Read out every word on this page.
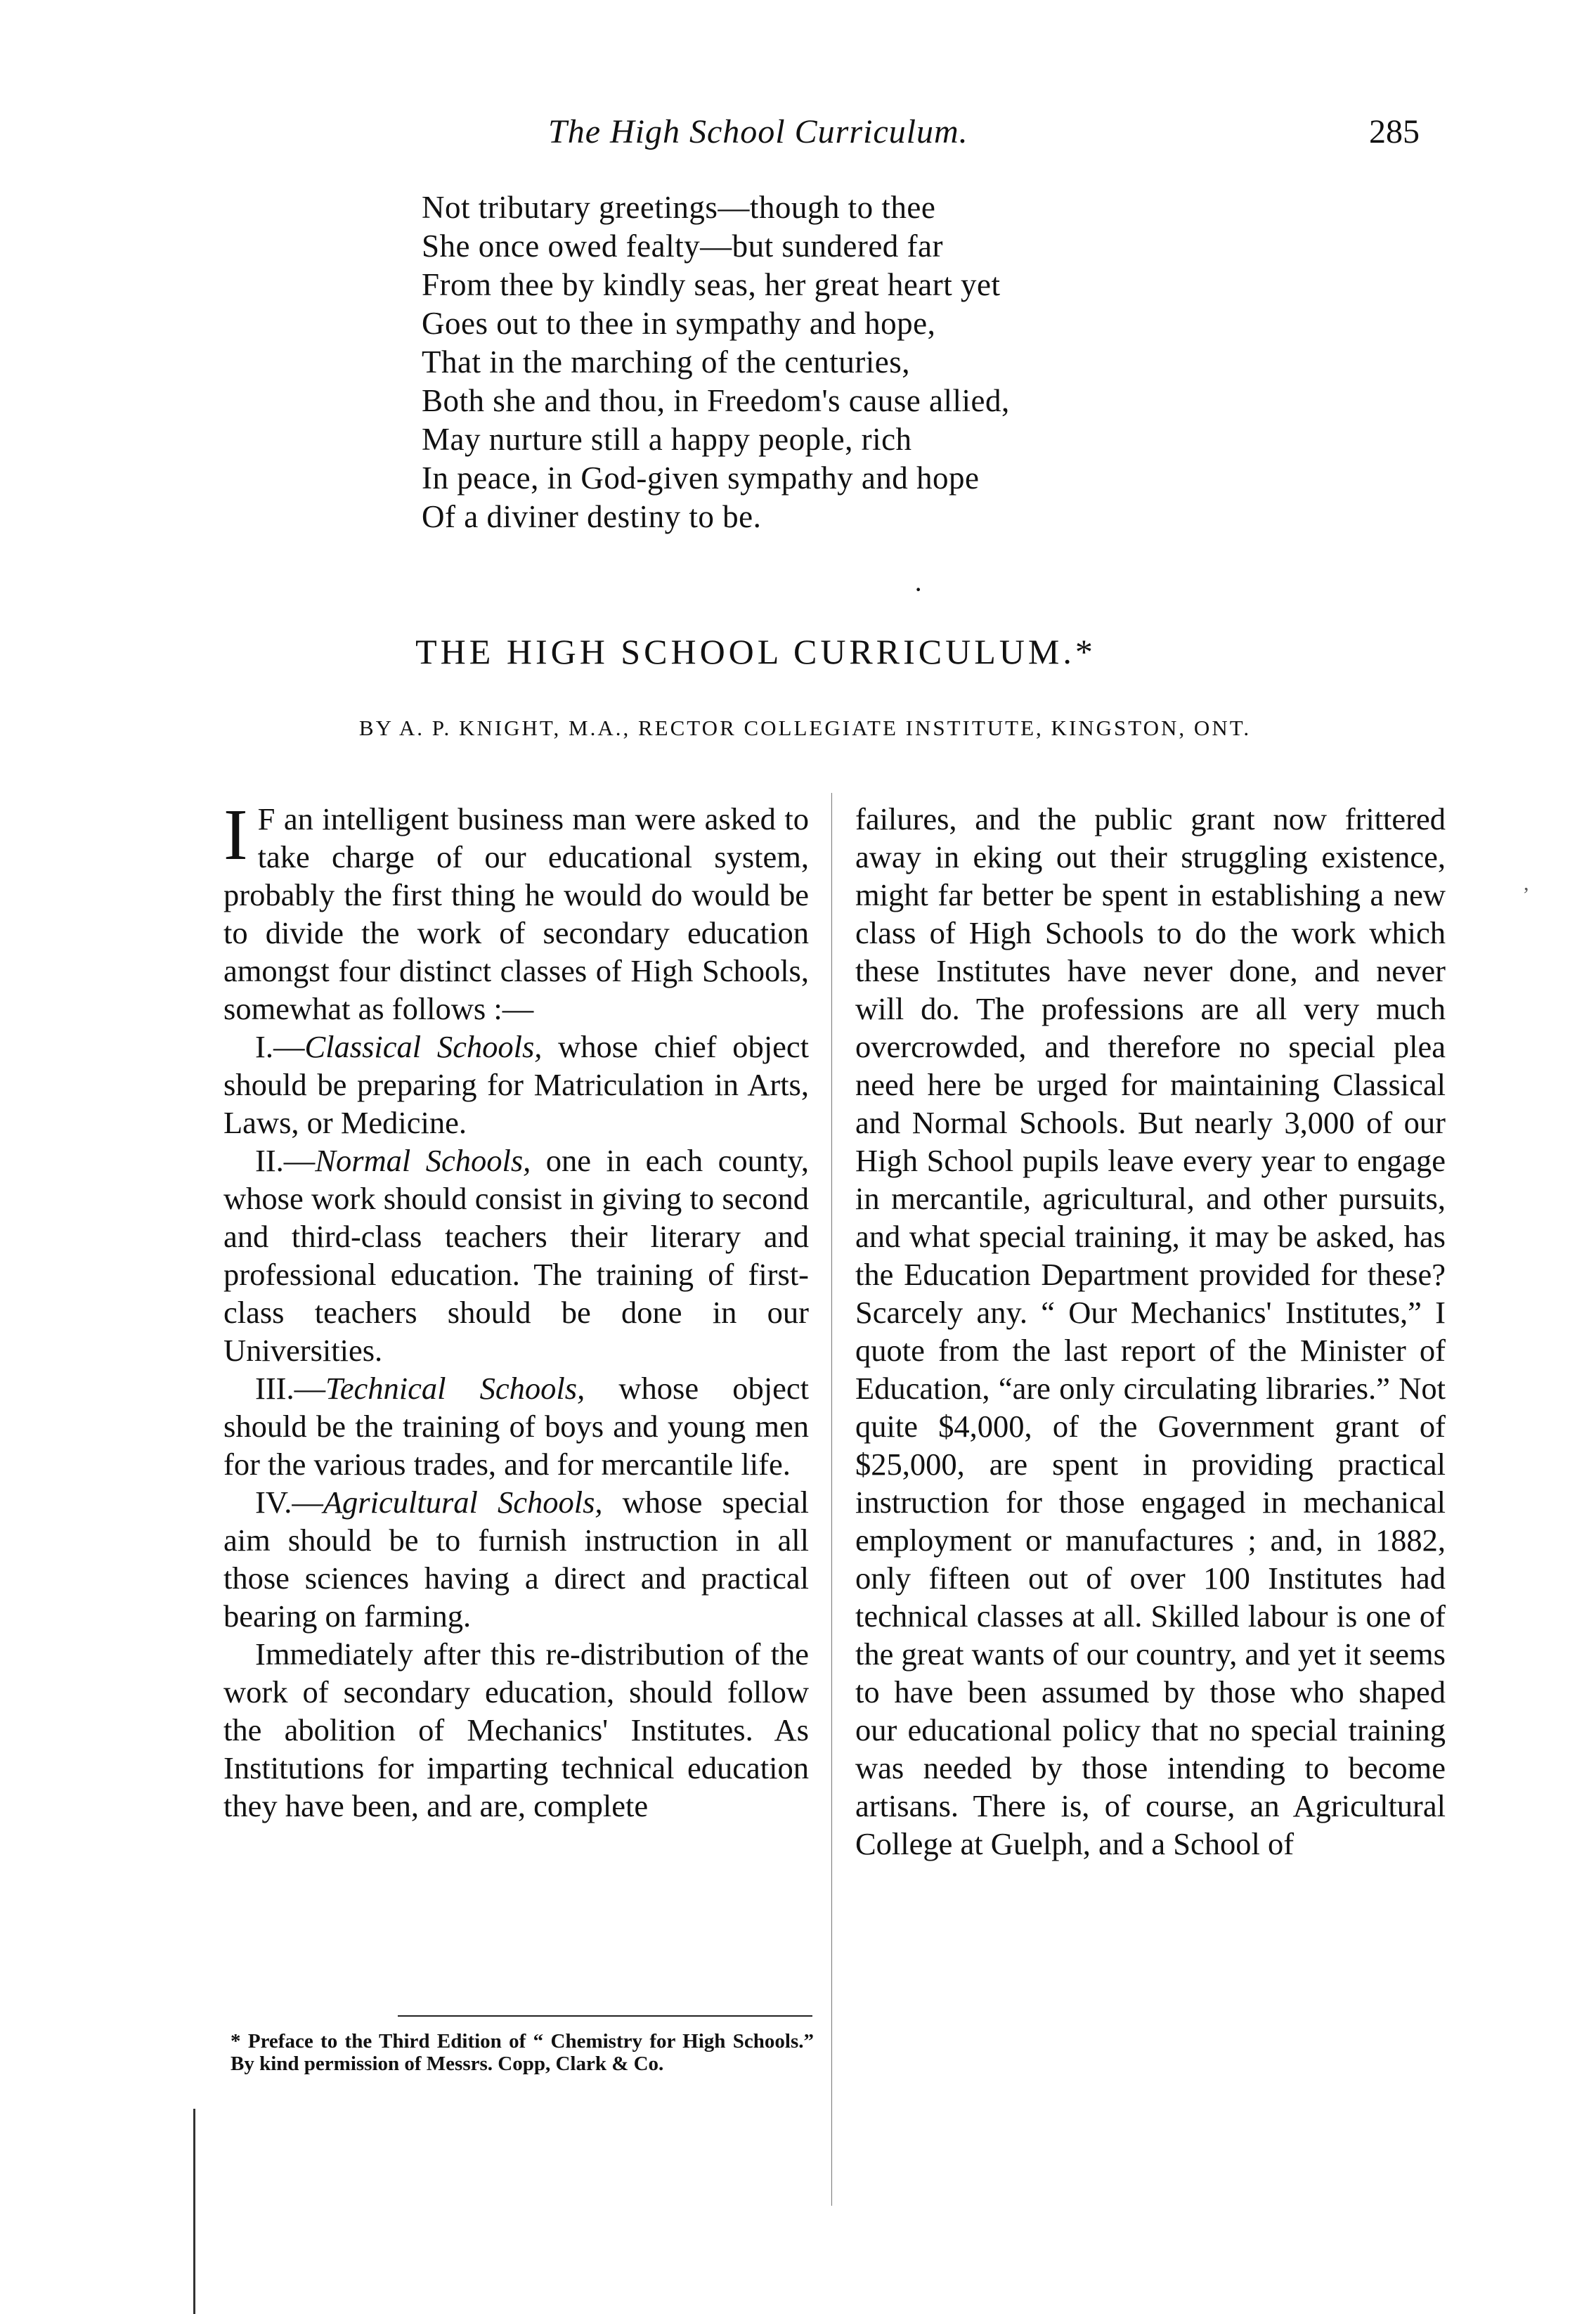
The High School Curriculum.	285
Not tributary greetings—though to thee
She once owed fealty—but sundered far
From thee by kindly seas, her great heart yet
Goes out to thee in sympathy and hope,
That in the marching of the centuries,
Both she and thou, in Freedom's cause allied,
May nurture still a happy people, rich
In peace, in God-given sympathy and hope
Of a diviner destiny to be.
·
THE HIGH SCHOOL CURRICULUM.*
BY A. P. KNIGHT, M.A., RECTOR COLLEGIATE INSTITUTE, KINGSTON, ONT.

I F an intelligent business man were asked to take charge of our educational system, probably the first thing he would do would be to divide the work of secondary education amongst four distinct classes of High Schools, somewhat as follows :—

I.—Classical Schools, whose chief object should be preparing for Matriculation in Arts, Laws, or Medicine.

II.—Normal Schools, one in each county, whose work should consist in giving to second and third-class teachers their literary and professional education. The training of first-class teachers should be done in our Universities.

III.—Technical Schools, whose object should be the training of boys and young men for the various trades, and for mercantile life.

IV.—Agricultural Schools, whose special aim should be to furnish instruction in all those sciences having a direct and practical bearing on farming.

Immediately after this re-distribution of the work of secondary education, should follow the abolition of Mechanics' Institutes. As Institutions for imparting technical education they have been, and are, complete

failures, and the public grant now frittered away in eking out their struggling existence, might far better be spent in establishing a new class of High Schools to do the work which these Institutes have never done, and never will do. The professions are all very much overcrowded, and therefore no special plea need here be urged for maintaining Classical and Normal Schools. But nearly 3,000 of our High School pupils leave every year to engage in mercantile, agricultural, and other pursuits, and what special training, it may be asked, has the Education Department provided for these? Scarcely any. “ Our Mechanics' Institutes,” I quote from the last report of the Minister of Education, “are only circulating libraries.” Not quite $4,000, of the Government grant of $25,000, are spent in providing practical instruction for those engaged in mechanical employment or manufactures ; and, in 1882, only fifteen out of over 100 Institutes had technical classes at all. Skilled labour is one of the great wants of our country, and yet it seems to have been assumed by those who shaped our educational policy that no special training was needed by those intending to become artisans. There is, of course, an Agricultural College at Guelph, and a School of

* Preface to the Third Edition of “ Chemistry for High Schools.” By kind permission of Messrs. Copp, Clark & Co.
,
